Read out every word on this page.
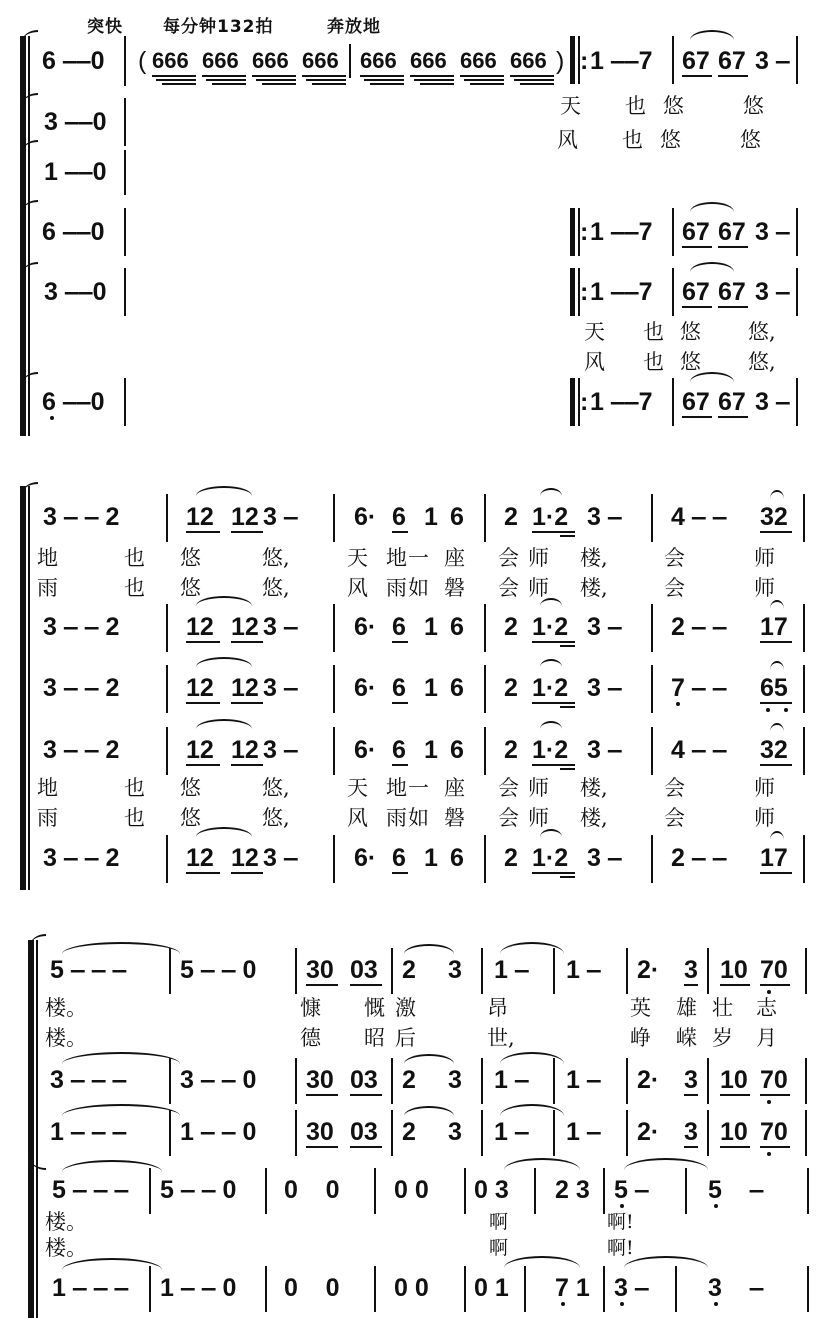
突快 每分钟132拍	奔放地
6 ‒‒0 ( 666 666 666 666 666 666 666 666 ) : 1 ‒‒7 67 67 3 ‒
天 也 悠	悠
风 也 悠	悠
3 ‒‒0
1 ‒‒0
6 ‒‒0	: 1 ‒‒7 67 67 3 ‒
3 ‒‒0	: 1 ‒‒7 67 67 3 ‒
天 也 悠 悠,
风 也 悠 悠,
6 ‒‒0	: 1 ‒‒7 67 67 3 ‒
3 ‒ ‒ 2	12 12 3 ‒ 6· 6 1 6 2 1·2 3 ‒ 4 ‒ ‒ 32
地	也 悠	悠,	天 地 一 座 会 师 楼,	会	师
雨	也 悠	悠,	风 雨 如 磐 会 师 楼,	会	师
3 ‒ ‒ 2	12 12 3 ‒ 6· 6 1 6 2 1·2 3 ‒ 2 ‒ ‒ 17
3 ‒ ‒ 2	12 12 3 ‒ 6· 6 1 6 2 1·2 3 ‒ 7 ‒ ‒ 65
3 ‒ ‒ 2	12 12 3 ‒ 6· 6 1 6 2 1·2 3 ‒ 4 ‒ ‒ 32
地	也 悠	悠,	天 地 一 座 会 师 楼,	会	师
雨	也 悠	悠,	风 雨 如 磐 会 师 楼,	会	师
3 ‒ ‒ 2	12 12 3 ‒ 6· 6 1 6 2 1·2 3 ‒ 2 ‒ ‒ 17
5 ‒ ‒ ‒ 5 ‒ ‒ 0 30 03 2 3 1 ‒ 1 ‒ 2· 3 10 70
楼。	慷 慨 激	昂	英 雄 壮 志
楼。	德 昭 后	世,	峥 嵘 岁 月
3 ‒ ‒ ‒ 3 ‒ ‒ 0 30 03 2 3 1 ‒ 1 ‒ 2· 3 10 70
1 ‒ ‒ ‒ 1 ‒ ‒ 0 30 03 2 3 1 ‒ 1 ‒ 2· 3 10 70
5 ‒ ‒ ‒ 5 ‒ ‒ 0 0    0 0 0 0 3 2 3 5 ‒ 5    ‒
楼。	啊	啊!
楼。	啊	啊!
1 ‒ ‒ ‒ 1 ‒ ‒ 0 0    0 0 0 0 1 7 1 3 ‒ 3    ‒
